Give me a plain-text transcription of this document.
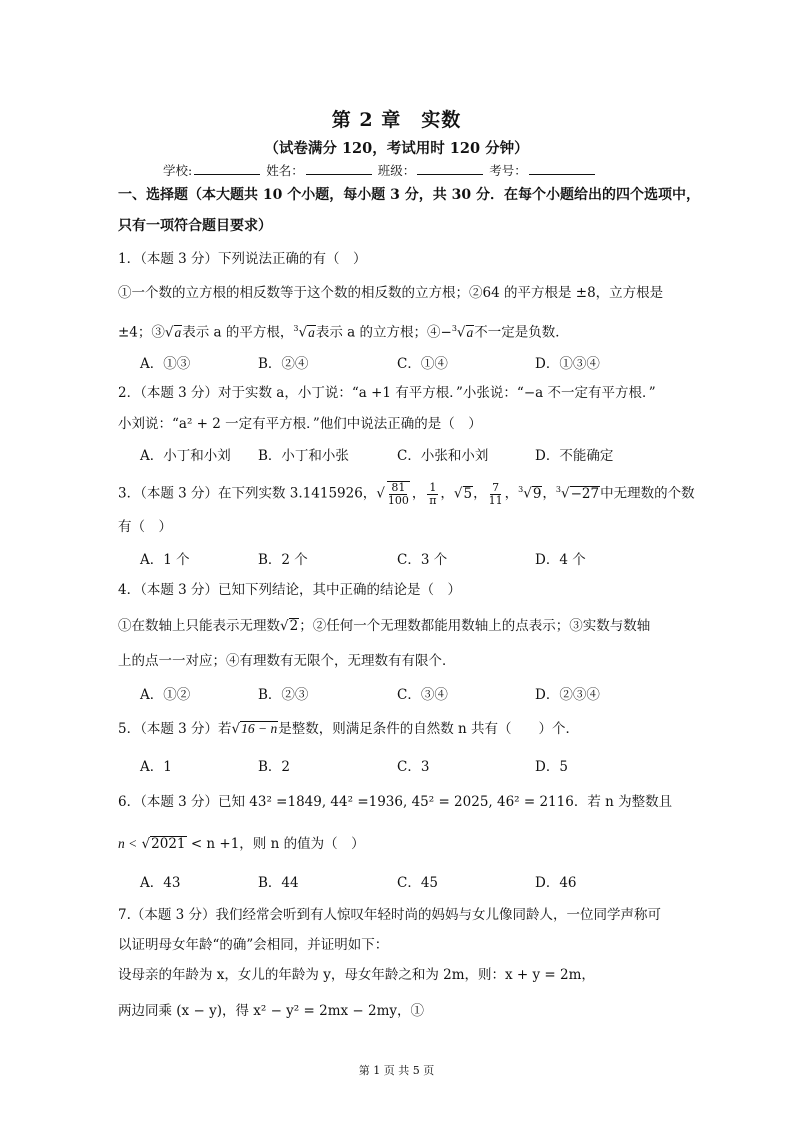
第 2 章　实数
（试卷满分 120，考试用时 120 分钟）
学校:	姓名：	班级：	考号：
一、选择题（本大题共 10 个小题，每小题 3 分，共 30 分．在每个小题给出的四个选项中，
只有一项符合题目要求）
1．（本题 3 分）下列说法正确的有（　）
①一个数的立方根的相反数等于这个数的相反数的立方根；②64 的平方根是 ±8，立方根是
±4；③√a表示 a 的平方根，$^3$√a表示 a 的立方根；④−$^3$√a不一定是负数．
A．①③	B．②④	C．①④	D．①③④
2．（本题 3 分）对于实数 a，小丁说：“a +1 有平方根．”小张说：“−a 不一定有平方根．”
小刘说：“a² + 2 一定有平方根．”他们中说法正确的是（　）
A．小丁和小刘 B．小丁和小张	C．小张和小刘	D．不能确定
3．（本题 3 分）在下列实数 3.1415926，√ $\frac{81}{100}$ ， $\frac{1}{\pi}$ ，√5， $\frac{7}{11}$ ，$^3$√9，$^3$√−27中无理数的个数
有（　）
A．1 个	B．2 个	C．3 个	D．4 个
4．（本题 3 分）已知下列结论，其中正确的结论是（　）
①在数轴上只能表示无理数√2；②任何一个无理数都能用数轴上的点表示；③实数与数轴
上的点一一对应；④有理数有无限个，无理数有有限个．
A．①②	B．②③	C．③④	D．②③④
5．（本题 3 分）若√16 − n是整数，则满足条件的自然数 n 共有（　　）个．
A．1	B．2	C．3	D．5
6．（本题 3 分）已知 43² =1849, 44² =1936, 45² = 2025, 46² = 2116．若 n 为整数且
n < √2021 < n +1，则 n 的值为（　）
A．43	B．44	C．45	D．46
7.（本题 3 分）我们经常会听到有人惊叹年轻时尚的妈妈与女儿像同龄人，一位同学声称可
以证明母女年龄“的确”会相同，并证明如下：
设母亲的年龄为 x，女儿的年龄为 y，母女年龄之和为 2m，则：x + y = 2m，
两边同乘 (x − y)，得 x² − y² = 2mx − 2my，①
第 1 页 共 5 页
